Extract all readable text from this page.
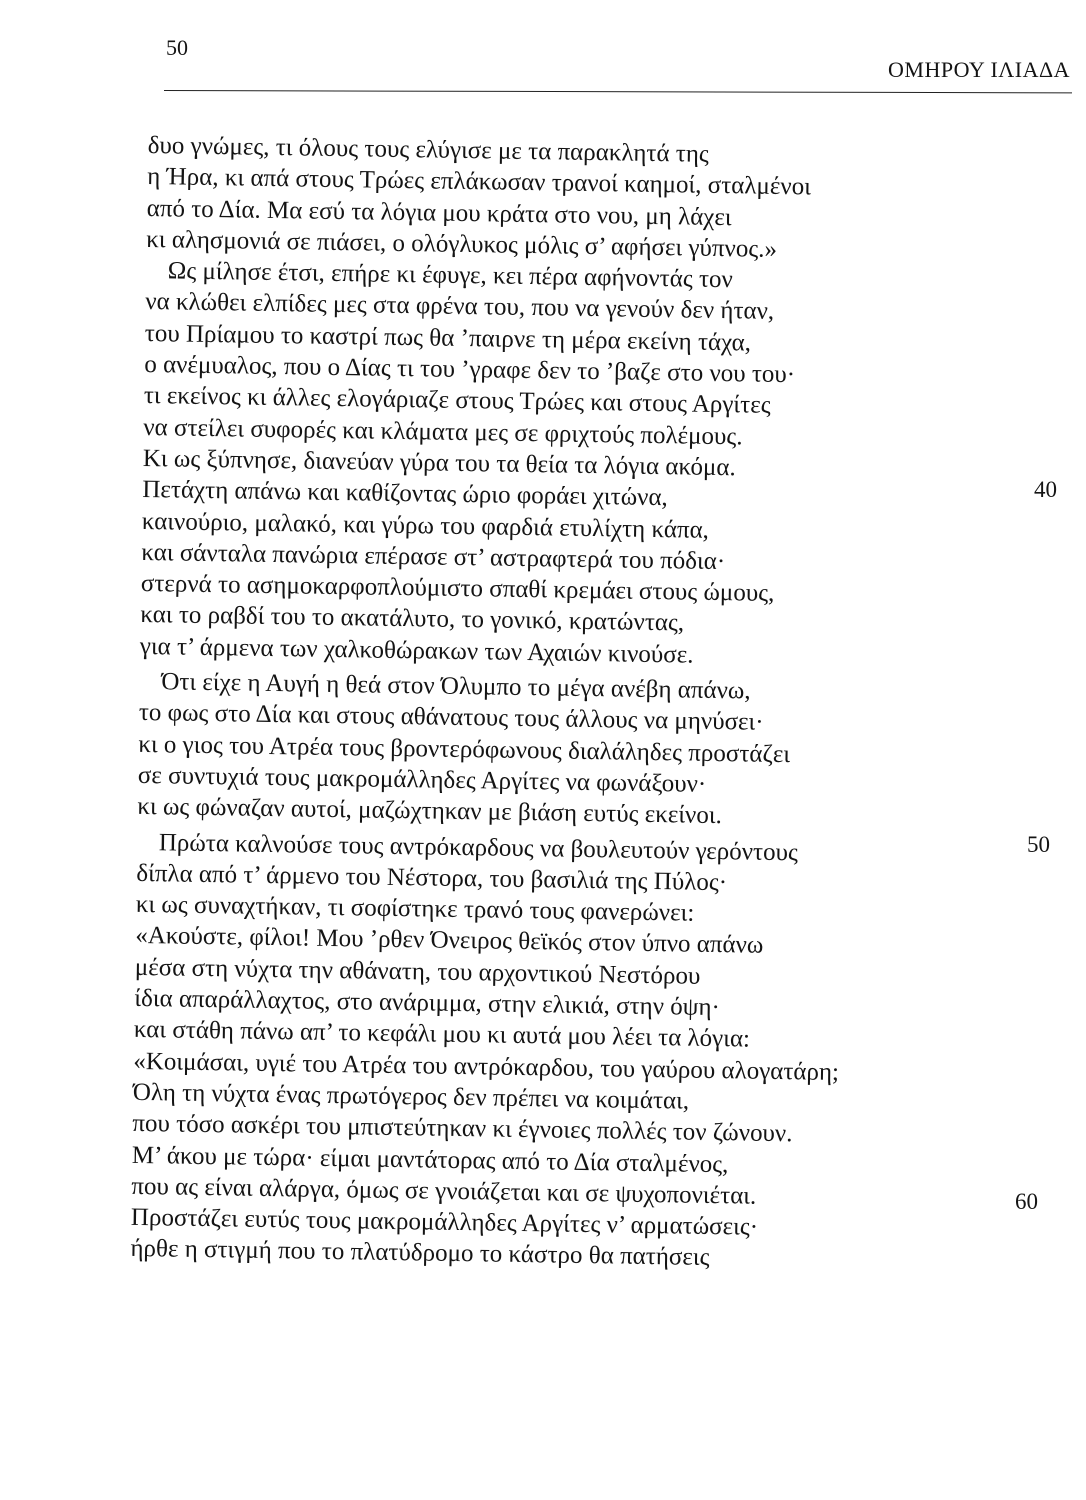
50
ΟΜΗΡΟΥ ΙΛΙΑΔΑ

δυο γνώμες, τι όλους τους ελύγισε με τα παρακλητά της

η Ήρα, κι απά στους Τρώες επλάκωσαν τρανοί καημοί, σταλμένοι

από το Δία. Μα εσύ τα λόγια μου κράτα στο νου, μη λάχει

κι αλησμονιά σε πιάσει, ο ολόγλυκος μόλις σ’ αφήσει γύπνος.»

Ως μίλησε έτσι, επήρε κι έφυγε, κει πέρα αφήνοντάς τον

να κλώθει ελπίδες μες στα φρένα του, που να γενούν δεν ήταν,

του Πρίαμου το καστρί πως θα ’παιρνε τη μέρα εκείνη τάχα,

ο ανέμυαλος, που ο Δίας τι του ’γραφε δεν το ’βαζε στο νου του·

τι εκείνος κι άλλες ελογάριαζε στους Τρώες και στους Αργίτες

να στείλει συφορές και κλάματα μες σε φριχτούς πολέμους.

Κι ως ξύπνησε, διανεύαν γύρα του τα θεία τα λόγια ακόμα.

Πετάχτη απάνω και καθίζοντας ώριο φοράει χιτώνα,

καινούριο, μαλακό, και γύρω του φαρδιά ετυλίχτη κάπα,

και σάνταλα πανώρια επέρασε στ’ αστραφτερά του πόδια·

στερνά το ασημοκαρφοπλούμιστο σπαθί κρεμάει στους ώμους,

και το ραβδί του το ακατάλυτο, το γονικό, κρατώντας,

για τ’ άρμενα των χαλκοθώρακων των Αχαιών κινούσε.

Ότι είχε η Αυγή η θεά στον Όλυμπο το μέγα ανέβη απάνω,

το φως στο Δία και στους αθάνατους τους άλλους να μηνύσει·

κι ο γιος του Ατρέα τους βροντερόφωνους διαλάληδες προστάζει

σε συντυχιά τους μακρομάλληδες Αργίτες να φωνάξουν·

κι ως φώναζαν αυτοί, μαζώχτηκαν με βιάση ευτύς εκείνοι.

Πρώτα καλνούσε τους αντρόκαρδους να βουλευτούν γερόντους

δίπλα από τ’ άρμενο του Νέστορα, του βασιλιά της Πύλος·

κι ως συναχτήκαν, τι σοφίστηκε τρανό τους φανερώνει:

«Ακούστε, φίλοι! Μου ’ρθεν Όνειρος θεϊκός στον ύπνο απάνω

μέσα στη νύχτα την αθάνατη, του αρχοντικού Νεστόρου

ίδια απαράλλαχτος, στο ανάριμμα, στην ελικιά, στην όψη·

και στάθη πάνω απ’ το κεφάλι μου κι αυτά μου λέει τα λόγια:

«Κοιμάσαι, υγιέ του Ατρέα του αντρόκαρδου, του γαύρου αλογατάρη;

Όλη τη νύχτα ένας πρωτόγερος δεν πρέπει να κοιμάται,

που τόσο ασκέρι του μπιστεύτηκαν κι έγνοιες πολλές τον ζώνουν.

Μ’ άκου με τώρα· είμαι μαντάτορας από το Δία σταλμένος,

που ας είναι αλάργα, όμως σε γνοιάζεται και σε ψυχοπονιέται.

Προστάζει ευτύς τους μακρομάλληδες Αργίτες ν’ αρματώσεις·

ήρθε η στιγμή που το πλατύδρομο το κάστρο θα πατήσεις

40
50
60
